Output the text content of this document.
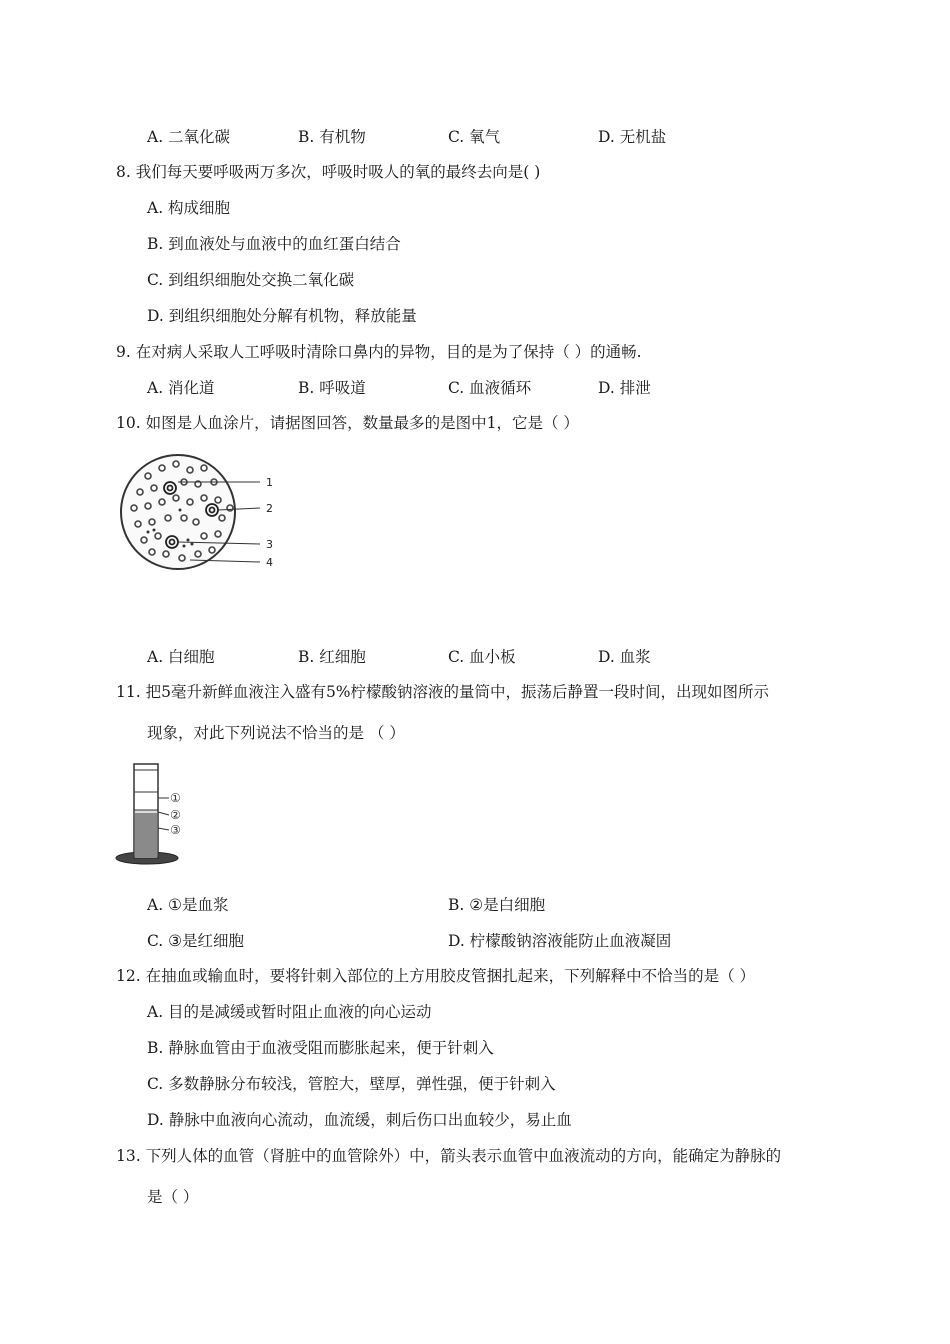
A. 二氧化碳	B. 有机物	C. 氧气	D. 无机盐
8. 我们每天要呼吸两万多次，呼吸时吸人的氧的最终去向是( )
A. 构成细胞
B. 到血液处与血液中的血红蛋白结合
C. 到组织细胞处交换二氧化碳
D. 到组织细胞处分解有机物，释放能量
9. 在对病人采取人工呼吸时清除口鼻内的异物，目的是为了保持（ ）的通畅.
A. 消化道	B. 呼吸道	C. 血液循环	D. 排泄
10. 如图是人血涂片，请据图回答，数量最多的是图中1，它是（ ）
1
2
3
4
A. 白细胞	B. 红细胞	C. 血小板	D. 血浆
11. 把5毫升新鲜血液注入盛有5%柠檬酸钠溶液的量筒中，振荡后静置一段时间，出现如图所示
现象，对此下列说法不恰当的是 （ ）
①
②
③
A. ①是血浆	B. ②是白细胞
C. ③是红细胞	D. 柠檬酸钠溶液能防止血液凝固
12. 在抽血或输血时，要将针刺入部位的上方用胶皮管捆扎起来，下列解释中不恰当的是（ ）
A. 目的是减缓或暂时阻止血液的向心运动
B. 静脉血管由于血液受阻而膨胀起来，便于针刺入
C. 多数静脉分布较浅，管腔大，壁厚，弹性强，便于针刺入
D. 静脉中血液向心流动，血流缓，刺后伤口出血较少，易止血
13. 下列人体的血管（肾脏中的血管除外）中，箭头表示血管中血液流动的方向，能确定为静脉的
是（ ）
